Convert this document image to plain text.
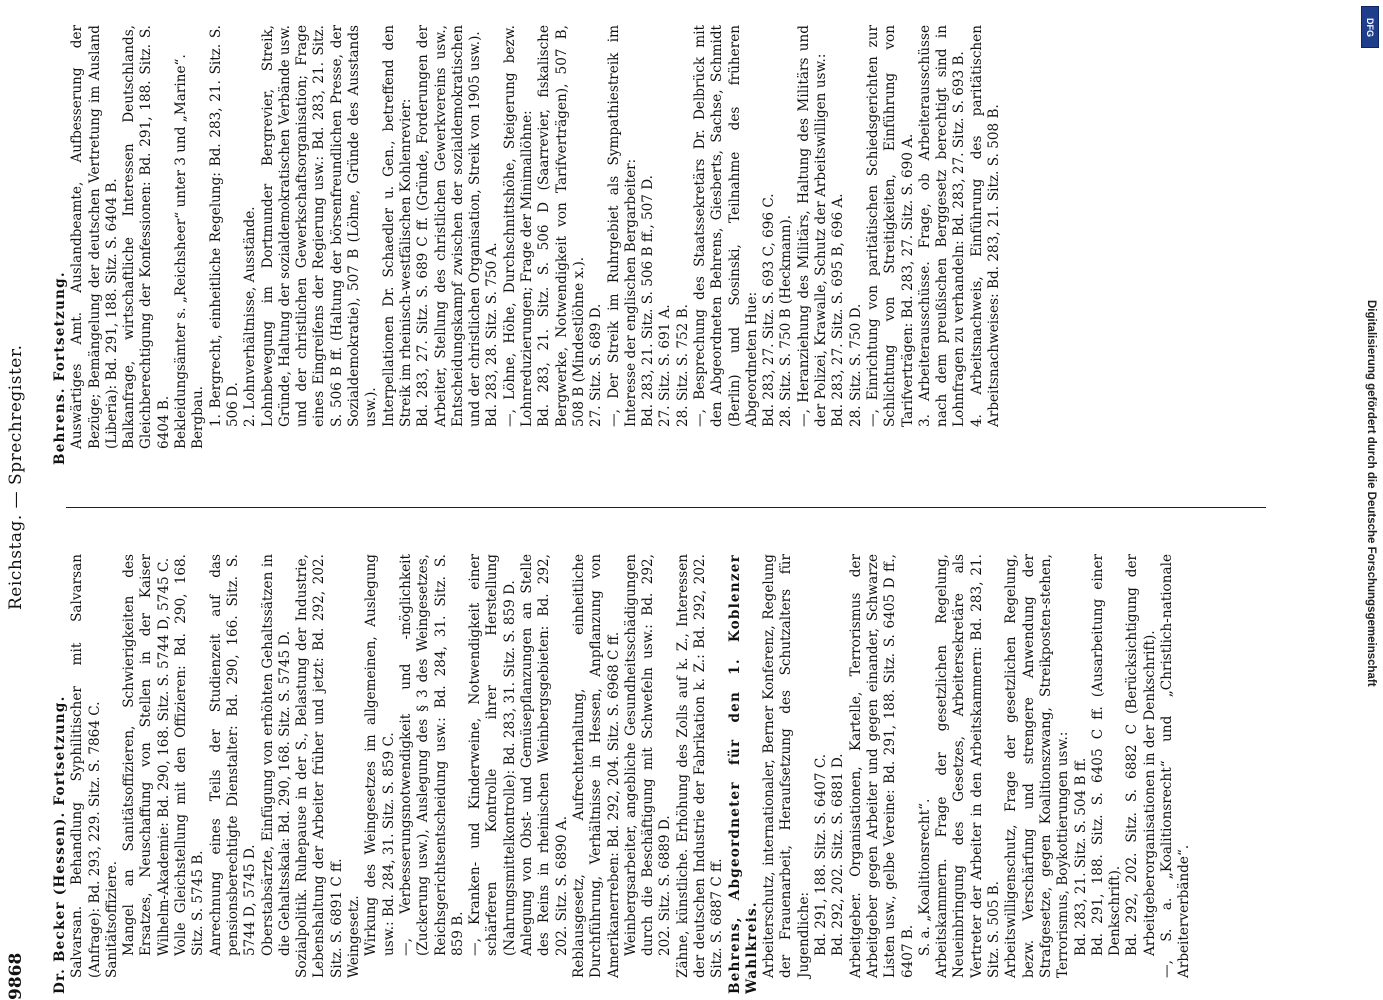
9868
Reichstag. — Sprechregister.

Dr. Becker (Hessen). Fortsetzung. Salvarsan. Behandlung Syphilitischer mit Salvarsan (Anfrage): Bd. 293, 229. Sitz. S. 7864 C. Sanitätsoffiziere. Mangel an Sanitätsoffizieren, Schwierigkeiten des Ersatzes, Neuschaffung von Stellen in der Kaiser Wilhelm-Akademie: Bd. 290, 168. Sitz. S. 5744 D, 5745 C. Volle Gleichstellung mit den Offizieren: Bd. 290, 168. Sitz. S. 5745 B. Anrechnung eines Teils der Studienzeit auf das pensionsberechtigte Dienstalter: Bd. 290, 166. Sitz. S. 5744 D, 5745 D. Oberstabsärzte, Einfügung von erhöhten Gehaltssätzen in die Gehaltsskala: Bd. 290, 168. Sitz. S. 5745 D. Sozialpolitik. Ruhepause in der S., Belastung der Industrie, Lebenshaltung der Arbeiter früher und jetzt: Bd. 292, 202. Sitz. S. 6891 C ff. Weingesetz. Wirkung des Weingesetzes im allgemeinen, Auslegung usw.: Bd. 284, 31. Sitz. S. 859 C. —, Verbesserungsnotwendigkeit und -möglichkeit (Zuckerung usw.), Auslegung des § 3 des Weingesetzes, Reichsgerichtsentscheidung usw.: Bd. 284, 31. Sitz. S. 859 B. —, Kranken- und Kinderweine, Notwendigkeit einer schärferen Kontrolle ihrer Herstellung (Nahrungsmittelkontrolle): Bd. 283, 31. Sitz. S. 859 D. Anlegung von Obst- und Gemüsepflanzungen an Stelle des Reins in rheinischen Weinbergsgebieten: Bd. 292, 202. Sitz. S. 6890 A. Reblausgesetz, Aufrechterhaltung, einheitliche Durchführung, Verhältnisse in Hessen, Anpflanzung von Amerikanerreben: Bd. 292, 204. Sitz. S. 6968 C ff. Weinbergsarbeiter, angebliche Gesundheitsschädigungen durch die Beschäftigung mit Schwefeln usw.: Bd. 292, 202. Sitz. S. 6889 D. Zähne, künstliche. Erhöhung des Zolls auf k. Z., Interessen der deutschen Industrie der Fabrikation k. Z.: Bd. 292, 202. Sitz. S. 6887 C ff. Behrens, Abgeordneter für den 1. Koblenzer Wahlkreis. Arbeiterschutz, internationaler, Berner Konferenz, Regelung der Frauenarbeit, Heraufsetzung des Schutzalters für Jugendliche: Bd. 291, 188. Sitz. S. 6407 C. Bd. 292, 202. Sitz. S. 6881 D. Arbeitgeber. Organisationen, Kartelle, Terrorismus der Arbeitgeber gegen Arbeiter und gegen einander, Schwarze Listen usw., gelbe Vereine: Bd. 291, 188. Sitz. S. 6405 D ff., 6407 B. S. a. „Koalitionsrecht“. Arbeitskammern. Frage der gesetzlichen Regelung, Neueinbringung des Gesetzes, Arbeitersekretäre als Vertreter der Arbeiter in den Arbeitskammern: Bd. 283, 21. Sitz. S. 505 B. Arbeitswilligenschutz, Frage der gesetzlichen Regelung, bezw. Verschärfung und strengere Anwendung der Strafgesetze, gegen Koalitionszwang, Streikposten-stehen, Terrorismus, Boykottierungen usw.: Bd. 283, 21. Sitz. S. 504 B ff. Bd. 291, 188. Sitz. S. 6405 C ff. (Ausarbeitung einer Denkschrift). Bd. 292, 202. Sitz. S. 6882 C (Berücksichtigung der Arbeitgeberorganisationen in der Denkschrift). —, S. a. „Koalitionsrecht“ und „Christlich-nationale Arbeiterverbände“.

Behrens. Fortsetzung. Auswärtiges Amt. Auslandbeamte, Aufbesserung der Bezüge; Bemängelung der deutschen Vertretung im Ausland (Liberia): Bd. 291, 188. Sitz. S. 6404 B. Balkanfrage, wirtschaftliche Interessen Deutschlands, Gleichberechtigung der Konfessionen: Bd. 291, 188. Sitz. S. 6404 B. Bekleidungsämter s. „Reichsheer“ unter 3 und „Marine“. Bergbau. 1. Bergrecht, einheitliche Regelung: Bd. 283, 21. Sitz. S. 506 D. 2. Lohnverhältnisse, Ausstände. Lohnbewegung im Dortmunder Bergrevier, Streik, Gründe, Haltung der sozialdemokratischen Verbände usw. und der christlichen Gewerkschaftsorganisation; Frage eines Eingreifens der Regierung usw.: Bd. 283, 21. Sitz. S. 506 B ff. (Haltung der börsenfreundlichen Presse, der Sozialdemokratie), 507 B (Löhne, Gründe des Ausstands usw.). Interpellationen Dr. Schaedler u. Gen., betreffend den Streik im rheinisch-westfälischen Kohlenrevier: Bd. 283, 27. Sitz. S. 689 C ff. (Gründe, Forderungen der Arbeiter, Stellung des christlichen Gewerkvereins usw., Entscheidungskampf zwischen der sozialdemokratischen und der christlichen Organisation, Streik von 1905 usw.). Bd. 283, 28. Sitz. S. 750 A. —, Löhne, Höhe, Durchschnittshöhe, Steigerung bezw. Lohnreduzierungen; Frage der Minimallöhne: Bd. 283, 21. Sitz. S. 506 D (Saarrevier, fiskalische Bergwerke, Notwendigkeit von Tarifverträgen), 507 B, 508 B (Mindestlöhne x.). 27. Sitz. S. 689 D. —, Der Streik im Ruhrgebiet als Sympathiestreik im Interesse der englischen Bergarbeiter: Bd. 283, 21. Sitz. S. 506 B ff., 507 D. 27. Sitz. S. 691 A. 28. Sitz. S. 752 B. —, Besprechung des Staatssekretärs Dr. Delbrück mit den Abgeordneten Behrens, Giesberts, Sachse, Schmidt (Berlin) und Sosinski, Teilnahme des früheren Abgeordneten Hue: Bd. 283, 27. Sitz. S. 693 C, 696 C. 28. Sitz. S. 750 B (Heckmann). —, Heranziehung des Militärs, Haltung des Militärs und der Polizei, Krawalle, Schutz der Arbeitswilligen usw.: Bd. 283, 27. Sitz. S. 695 B, 696 A. 28. Sitz. S. 750 D. —, Einrichtung von paritätischen Schiedsgerichten zur Schlichtung von Streitigkeiten, Einführung von Tarifverträgen: Bd. 283, 27. Sitz. S. 690 A. 3. Arbeiterausschüsse. Frage, ob Arbeiterausschüsse nach dem preußischen Berggesetz berechtigt sind in Lohnfragen zu verhandeln: Bd. 283, 27. Sitz. S. 693 B. 4. Arbeitsnachweis, Einführung des paritätischen Arbeitsnachweises: Bd. 283, 21. Sitz. S. 508 B.

Digitalisierung gefördert durch die Deutsche Forschungsgemeinschaft
DFG
